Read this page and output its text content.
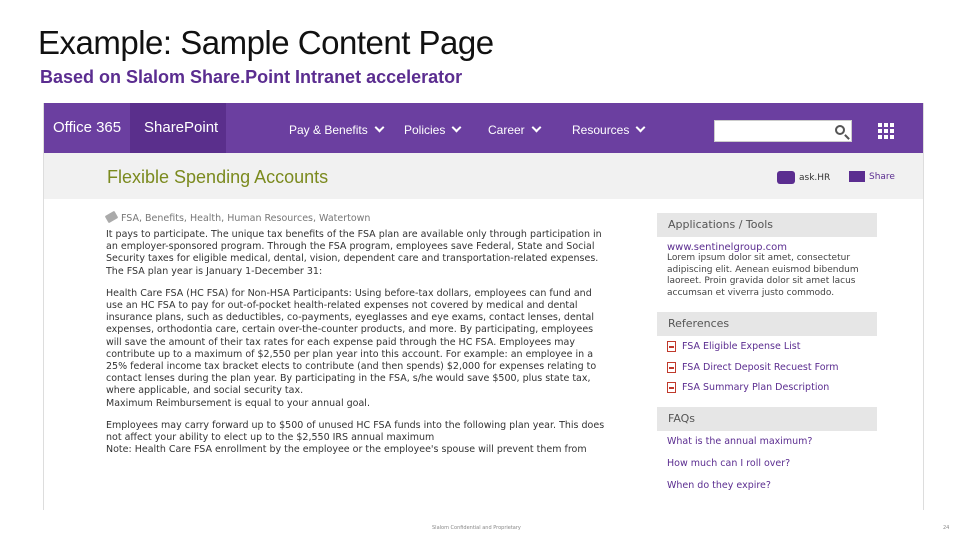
Example: Sample Content Page
Based on Slalom Share.Point Intranet accelerator
Office 365 SharePoint	Pay & Benefits	Policies	Career	Resources
Flexible Spending Accounts	ask.HR	Share
FSA, Benefits, Health, Human Resources, Watertown
It pays to participate. The unique tax benefits of the FSA plan are available only through participation in
an employer-sponsored program. Through the FSA program, employees save Federal, State and Social
Security taxes for eligible medical, dental, vision, dependent care and transportation-related expenses.
The FSA plan year is January 1-December 31:
Health Care FSA (HC FSA) for Non-HSA Participants: Using before-tax dollars, employees can fund and
use an HC FSA to pay for out-of-pocket health-related expenses not covered by medical and dental
insurance plans, such as deductibles, co-payments, eyeglasses and eye exams, contact lenses, dental
expenses, orthodontia care, certain over-the-counter products, and more. By participating, employees
will save the amount of their tax rates for each expense paid through the HC FSA. Employees may
contribute up to a maximum of $2,550 per plan year into this account. For example: an employee in a
25% federal income tax bracket elects to contribute (and then spends) $2,000 for expenses relating to
contact lenses during the plan year. By participating in the FSA, s/he would save $500, plus state tax,
where applicable, and social security tax.
Maximum Reimbursement is equal to your annual goal.
Employees may carry forward up to $500 of unused HC FSA funds into the following plan year. This does
not affect your ability to elect up to the $2,550 IRS annual maximum
Note: Health Care FSA enrollment by the employee or the employee's spouse will prevent them from
Applications / Tools
www.sentinelgroup.com
Lorem ipsum dolor sit amet, consectetur
adipiscing elit. Aenean euismod bibendum
laoreet. Proin gravida dolor sit amet lacus
accumsan et viverra justo commodo.
References
FSA Eligible Expense List
FSA Direct Deposit Recuest Form
FSA Summary Plan Description
FAQs
What is the annual maximum?
How much can I roll over?
When do they expire?
Slalom Confidential and Proprietary	24
